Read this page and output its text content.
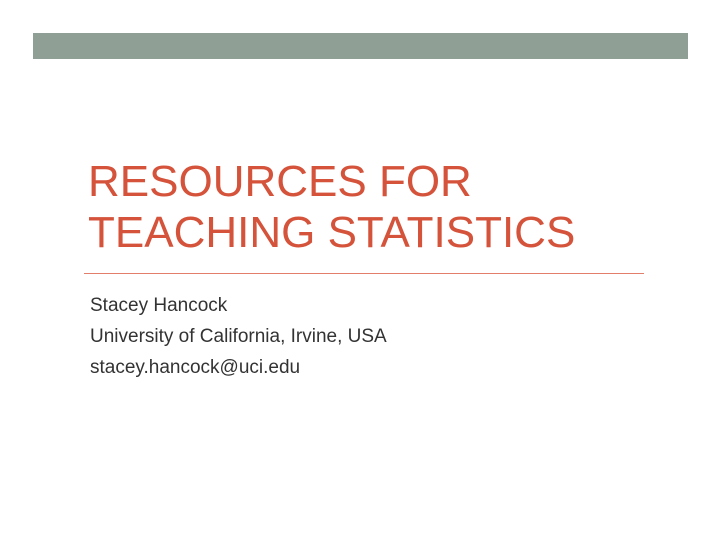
RESOURCES FOR
TEACHING STATISTICS
Stacey Hancock
University of California, Irvine, USA
stacey.hancock@uci.edu
